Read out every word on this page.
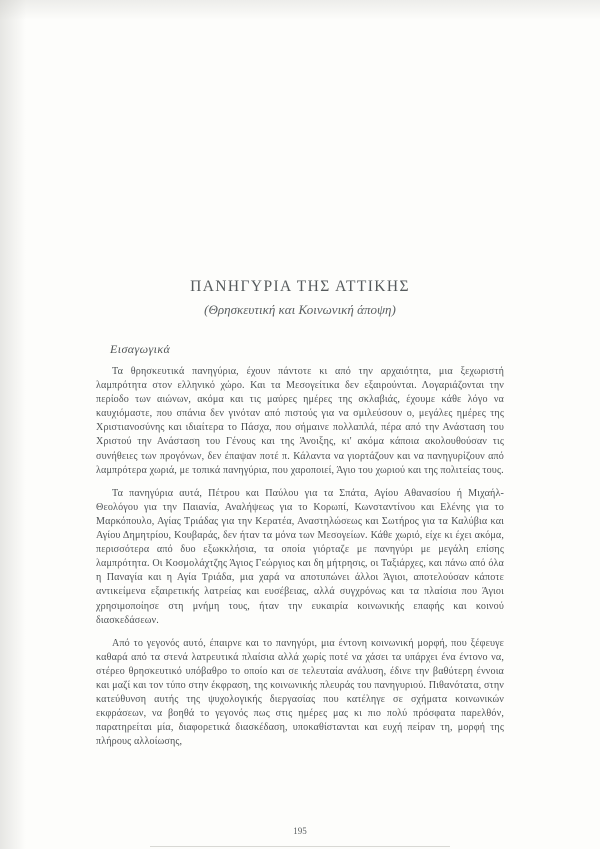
ΠΑΝΗΓΥΡΙΑ ΤΗΣ ΑΤΤΙΚΗΣ
(Θρησκευτική και Κοινωνική άποψη)
Εισαγωγικά

Τα θρησκευτικά πανηγύρια, έχουν πάντοτε κι από την αρχαιότητα, μια ξεχωριστή λαμπρότητα στον ελληνικό χώρο. Και τα Μεσογείτικα δεν εξαιρούνται. Λογαριάζονται την περίοδο των αιώνων, ακόμα και τις μαύρες ημέρες της σκλαβιάς, έχουμε κάθε λόγο να καυχιόμαστε, που σπάνια δεν γινόταν από πιστούς για να σμιλεύσουν ο, μεγάλες ημέρες της Χριστιανοσύνης και ιδιαίτερα το Πάσχα, που σήμαινε πολλαπλά, πέρα από την Ανάσταση του Χριστού την Ανάσταση του Γένους και της Άνοιξης, κι' ακόμα κάποια ακολουθούσαν τις συνήθειες των προγόνων, δεν έπαψαν ποτέ π. Κάλαντα να γιορτάζουν και να πανηγυρίζουν από λαμπρότερα χωριά, με τοπικά πανηγύρια, που χαροποιεί, Άγιο του χωριού και της πολιτείας τους.

Τα πανηγύρια αυτά, Πέτρου και Παύλου για τα Σπάτα, Αγίου Αθανασίου ή Μιχαήλ-Θεολόγου για την Παιανία, Αναλήψεως για το Κορωπί, Κωνσταντίνου και Ελένης για το Μαρκόπουλο, Αγίας Τριάδας για την Κερατέα, Αναστηλώσεως και Σωτήρος για τα Καλύβια και Αγίου Δημητρίου, Κουβαράς, δεν ήταν τα μόνα των Μεσογείων. Κάθε χωριό, είχε κι έχει ακόμα, περισσότερα από δυο εξωκκλήσια, τα οποία γιόρταζε με πανηγύρι με μεγάλη επίσης λαμπρότητα. Οι Κοσμολάχτζης Άγιος Γεώργιος και δη μήτρησις, οι Ταξιάρχες, και πάνω από όλα η Παναγία και η Αγία Τριάδα, μια χαρά να αποτυπώνει άλλοι Άγιοι, αποτελούσαν κάποτε αντικείμενα εξαιρετικής λατρείας και ευσέβειας, αλλά συγχρόνως και τα πλαίσια που Άγιοι χρησιμοποίησε στη μνήμη τους, ήταν την ευκαιρία κοινωνικής επαφής και κοινού διασκεδάσεων.

Από το γεγονός αυτό, έπαιρνε και το πανηγύρι, μια έντονη κοινωνική μορφή, που ξέφευγε καθαρά από τα στενά λατρευτικά πλαίσια αλλά χωρίς ποτέ να χάσει τα υπάρχει ένα έντονο να, στέρεο θρησκευτικό υπόβαθρο το οποίο και σε τελευταία ανάλυση, έδινε την βαθύτερη έννοια και μαζί και τον τύπο στην έκφραση, της κοινωνικής πλευράς του πανηγυριού. Πιθανότατα, στην κατεύθυνση αυτής της ψυχολογικής διεργασίας που κατέληγε σε σχήματα κοινωνικών εκφράσεων, να βοηθά το γεγονός πως στις ημέρες μας κι πιο πολύ πρόσφατα παρελθόν, παρατηρείται μία, διαφορετικά διασκέδαση, υποκαθίστανται και ευχή πείραν τη, μορφή της πλήρους αλλοίωσης,

195
